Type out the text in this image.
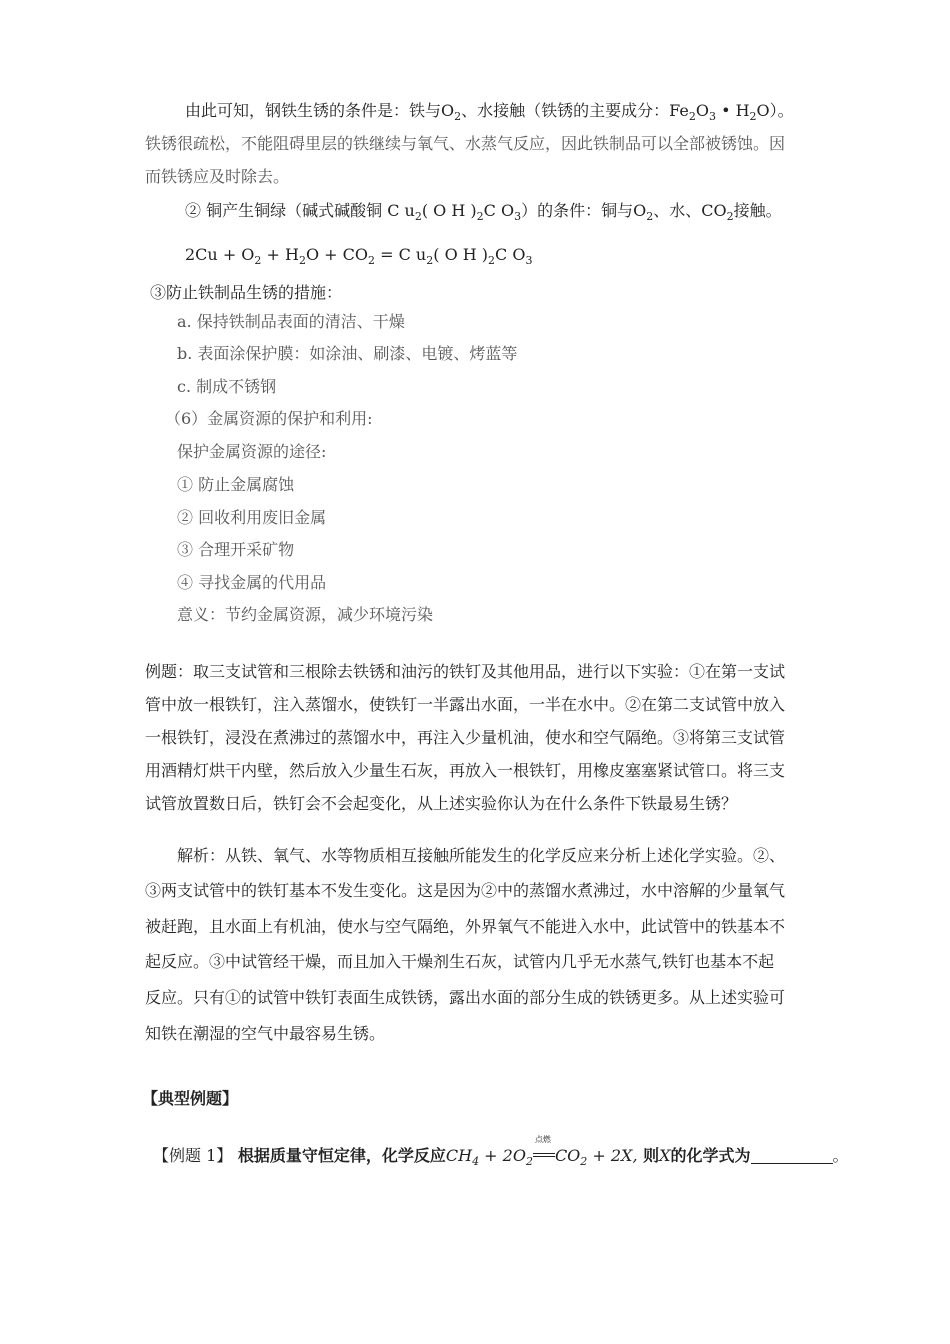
由此可知，钢铁生锈的条件是：铁与$O_2$、水接触（铁锈的主要成分：$Fe_2O_3$ • $H_2O$）。
铁锈很疏松，不能阻碍里层的铁继续与氧气、水蒸气反应，因此铁制品可以全部被锈蚀。因
而铁锈应及时除去。
② 铜产生铜绿（碱式碱酸铜 C $u_2$( O H )$_2C$ $O_3$）的条件：铜与$O_2$、水、$CO_2$接触。
$2Cu + O_2 + H_2O + CO_2 = C$ $u_2$( O H )$_2C$ $O_3$
③防止铁制品生锈的措施：
a. 保持铁制品表面的清洁、干燥
b. 表面涂保护膜：如涂油、刷漆、电镀、烤蓝等
c. 制成不锈钢
（6）金属资源的保护和利用:
保护金属资源的途径:
① 防止金属腐蚀
② 回收利用废旧金属
③ 合理开采矿物
④ 寻找金属的代用品
意义：节约金属资源，减少环境污染
例题：取三支试管和三根除去铁锈和油污的铁钉及其他用品，进行以下实验：①在第一支试
管中放一根铁钉，注入蒸馏水，使铁钉一半露出水面，一半在水中。②在第二支试管中放入
一根铁钉，浸没在煮沸过的蒸馏水中，再注入少量机油，使水和空气隔绝。③将第三支试管
用酒精灯烘干内壁，然后放入少量生石灰，再放入一根铁钉，用橡皮塞塞紧试管口。将三支
试管放置数日后，铁钉会不会起变化，从上述实验你认为在什么条件下铁最易生锈？
解析：从铁、氧气、水等物质相互接触所能发生的化学反应来分析上述化学实验。②、
③两支试管中的铁钉基本不发生变化。这是因为②中的蒸馏水煮沸过，水中溶解的少量氧气
被赶跑，且水面上有机油，使水与空气隔绝，外界氧气不能进入水中，此试管中的铁基本不
起反应。③中试管经干燥，而且加入干燥剂生石灰，试管内几乎无水蒸气,铁钉也基本不起
反应。只有①的试管中铁钉表面生成铁锈，露出水面的部分生成的铁锈更多。从上述实验可
知铁在潮湿的空气中最容易生锈。
【典型例题】
【例题 1】 根据质量守恒定律，化学反应$CH_4 + 2O_2$
点燃
$CO_2 + 2X$, 则X的化学式为	。
